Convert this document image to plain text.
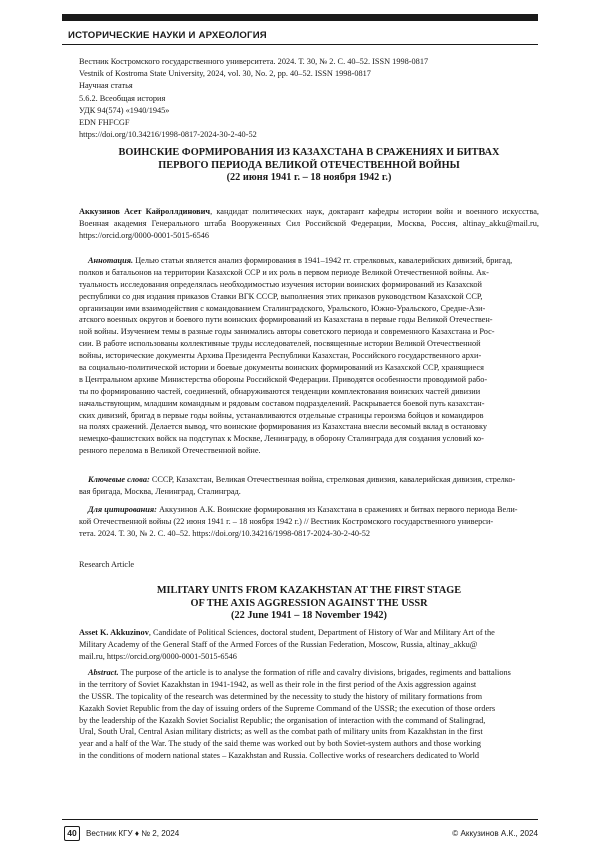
ИСТОРИЧЕСКИЕ НАУКИ И АРХЕОЛОГИЯ
Вестник Костромского государственного университета. 2024. Т. 30, № 2. С. 40–52. ISSN 1998-0817
Vestnik of Kostroma State University, 2024, vol. 30, No. 2, pp. 40–52. ISSN 1998-0817
Научная статья
5.6.2. Всеобщая история
УДК 94(574) «1940/1945»
EDN FHFCGF
https://doi.org/10.34216/1998-0817-2024-30-2-40-52
ВОИНСКИЕ ФОРМИРОВАНИЯ ИЗ КАЗАХСТАНА В СРАЖЕНИЯХ И БИТВАХ
ПЕРВОГО ПЕРИОДА ВЕЛИКОЙ ОТЕЧЕСТВЕННОЙ ВОЙНЫ
(22 июня 1941 г. – 18 ноября 1942 г.)
Аккузинов Асет Кайроллдинович, кандидат политических наук, доктарант кафедры истории войн и военного искусства, Военная академия Генерального штаба Вооруженных Сил Российской Федерации, Москва, Россия, altinay_akku@mail.ru, https://orcid.org/0000-0001-5015-6546
Аннотация. Целью статьи является анализ формирования в 1941–1942 гг. стрелковых, кавалерийских дивизий, бригад,
полков и батальонов на территории Казахской ССР и их роль в первом периоде Великой Отечественной войны. Ак-
туальность исследования определялась необходимостью изучения истории воинских формирований из Казахской
республики со дня издания приказов Ставки ВГК СССР, выполнения этих приказов руководством Казахской ССР,
организации ими взаимодействия с командованием Сталинградского, Уральского, Южно-Уральского, Средне-Ази-
атского военных округов и боевого пути воинских формирований из Казахстана в первые годы Великой Отечествен-
ной войны. Изучением темы в разные годы занимались авторы советского периода и современного Казахстана и Рос-
сии. В работе использованы коллективные труды исследователей, посвященные истории Великой Отечественной
войны, исторические документы Архива Президента Республики Казахстан, Российского государственного архи-
ва социально-политической истории и боевые документы воинских формирований из Казахской ССР, хранящиеся
в Центральном архиве Министерства обороны Российской Федерации. Приводятся особенности проводимой рабо-
ты по формированию частей, соединений, обнаруживаются тенденции комплектования воинских частей дивизии
начальствующим, младшим командным и рядовым составом подразделений. Раскрывается боевой путь казахстан-
ских дивизий, бригад в первые годы войны, устанавливаются отдельные страницы героизма бойцов и командиров
на полях сражений. Делается вывод, что воинские формирования из Казахстана внесли весомый вклад в остановку
немецко-фашистских войск на подступах к Москве, Ленинграду, в оборону Сталинграда для создания условий ко-
ренного перелома в Великой Отечественной войне.
Ключевые слова: СССР, Казахстан, Великая Отечественная война, стрелковая дивизия, кавалерийская дивизия, стрелко-
вая бригада, Москва, Ленинград, Сталинград.
Для цитирования: Аккузинов А.К. Воинские формирования из Казахстана в сражениях и битвах первого периода Вели-
кой Отечественной войны (22 июня 1941 г. – 18 ноября 1942 г.) // Вестник Костромского государственного универси-
тета. 2024. Т. 30, № 2. С. 40–52. https://doi.org/10.34216/1998-0817-2024-30-2-40-52
Research Article
MILITARY UNITS FROM KAZAKHSTAN AT THE FIRST STAGE
OF THE AXIS AGGRESSION AGAINST THE USSR
(22 June 1941 – 18 November 1942)
Asset K. Akkuzinov, Candidate of Political Sciences, doctoral student, Department of History of War and Military Art of the
Military Academy of the General Staff of the Armed Forces of the Russian Federation, Moscow, Russia, altinay_akku@
mail.ru, https://orcid.org/0000-0001-5015-6546
Abstract. The purpose of the article is to analyse the formation of rifle and cavalry divisions, brigades, regiments and battalions
in the territory of Soviet Kazakhstan in 1941-1942, as well as their role in the first period of the Axis aggression against
the USSR. The topicality of the research was determined by the necessity to study the history of military formations from
Kazakh Soviet Republic from the day of issuing orders of the Supreme Command of the USSR; the execution of those orders
by the leadership of the Kazakh Soviet Socialist Republic; the organisation of interaction with the command of Stalingrad,
Ural, South Ural, Central Asian military districts; as well as the combat path of military units from Kazakhstan in the first
year and a half of the War. The study of the said theme was worked out by both Soviet-system authors and those working
in the conditions of modern national states – Kazakhstan and Russia. Collective works of researchers dedicated to World
40	Вестник КГУ ♦ № 2, 2024	© Аккузинов А.К., 2024
